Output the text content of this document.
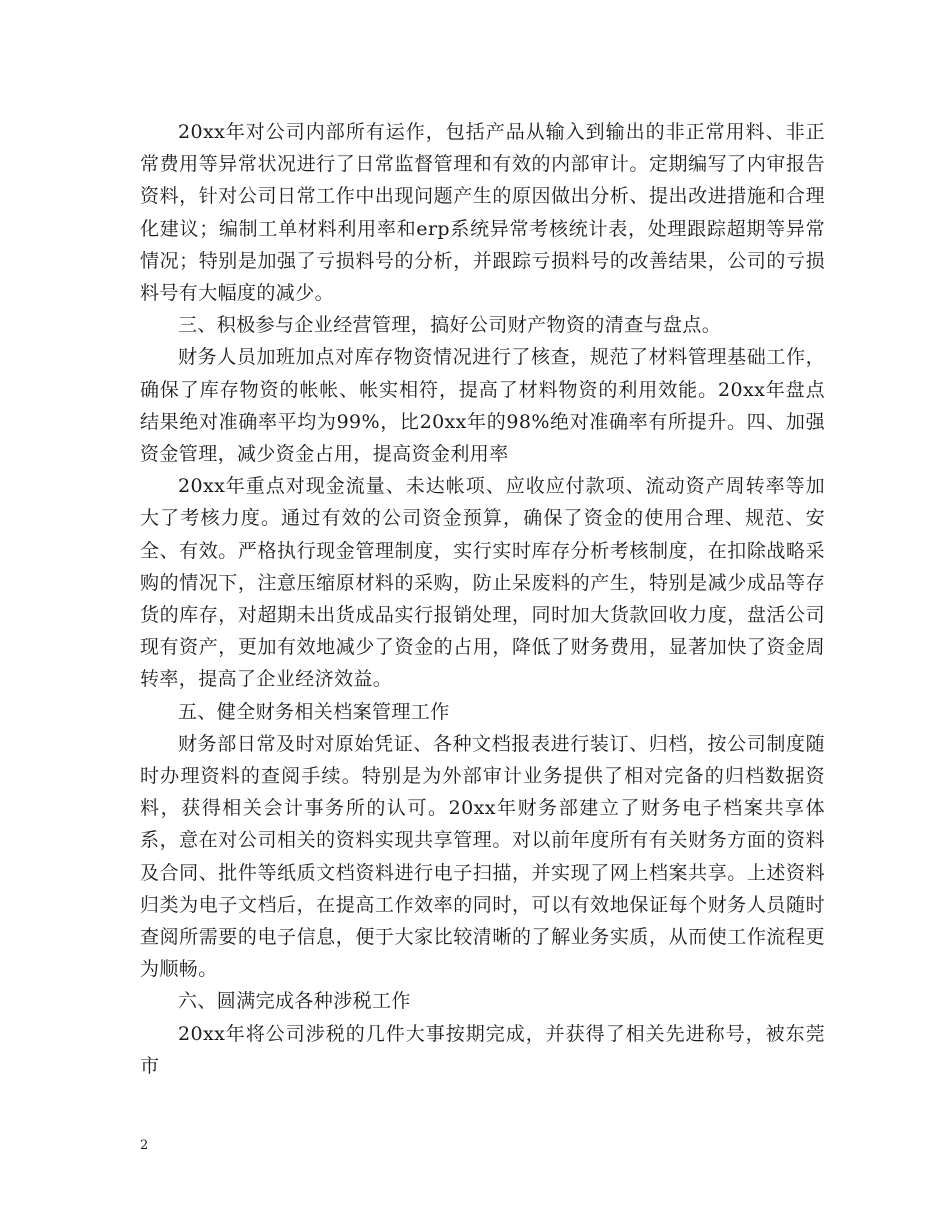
20xx年对公司内部所有运作，包括产品从输入到输出的非正常用料、非正常费用等异常状况进行了日常监督管理和有效的内部审计。定期编写了内审报告资料，针对公司日常工作中出现问题产生的原因做出分析、提出改进措施和合理化建议；编制工单材料利用率和erp系统异常考核统计表，处理跟踪超期等异常情况；特别是加强了亏损料号的分析，并跟踪亏损料号的改善结果，公司的亏损料号有大幅度的减少。

三、积极参与企业经营管理，搞好公司财产物资的清查与盘点。

财务人员加班加点对库存物资情况进行了核查，规范了材料管理基础工作，确保了库存物资的帐帐、帐实相符，提高了材料物资的利用效能。20xx年盘点结果绝对准确率平均为99%，比20xx年的98%绝对准确率有所提升。四、加强资金管理，减少资金占用，提高资金利用率

20xx年重点对现金流量、未达帐项、应收应付款项、流动资产周转率等加大了考核力度。通过有效的公司资金预算，确保了资金的使用合理、规范、安全、有效。严格执行现金管理制度，实行实时库存分析考核制度，在扣除战略采购的情况下，注意压缩原材料的采购，防止呆废料的产生，特别是减少成品等存货的库存，对超期未出货成品实行报销处理，同时加大货款回收力度，盘活公司现有资产，更加有效地减少了资金的占用，降低了财务费用，显著加快了资金周转率，提高了企业经济效益。

五、健全财务相关档案管理工作

财务部日常及时对原始凭证、各种文档报表进行装订、归档，按公司制度随时办理资料的查阅手续。特别是为外部审计业务提供了相对完备的归档数据资料，获得相关会计事务所的认可。20xx年财务部建立了财务电子档案共享体系，意在对公司相关的资料实现共享管理。对以前年度所有有关财务方面的资料及合同、批件等纸质文档资料进行电子扫描，并实现了网上档案共享。上述资料归类为电子文档后，在提高工作效率的同时，可以有效地保证每个财务人员随时查阅所需要的电子信息，便于大家比较清晰的了解业务实质，从而使工作流程更为顺畅。

六、圆满完成各种涉税工作

20xx年将公司涉税的几件大事按期完成，并获得了相关先进称号，被东莞市

2
